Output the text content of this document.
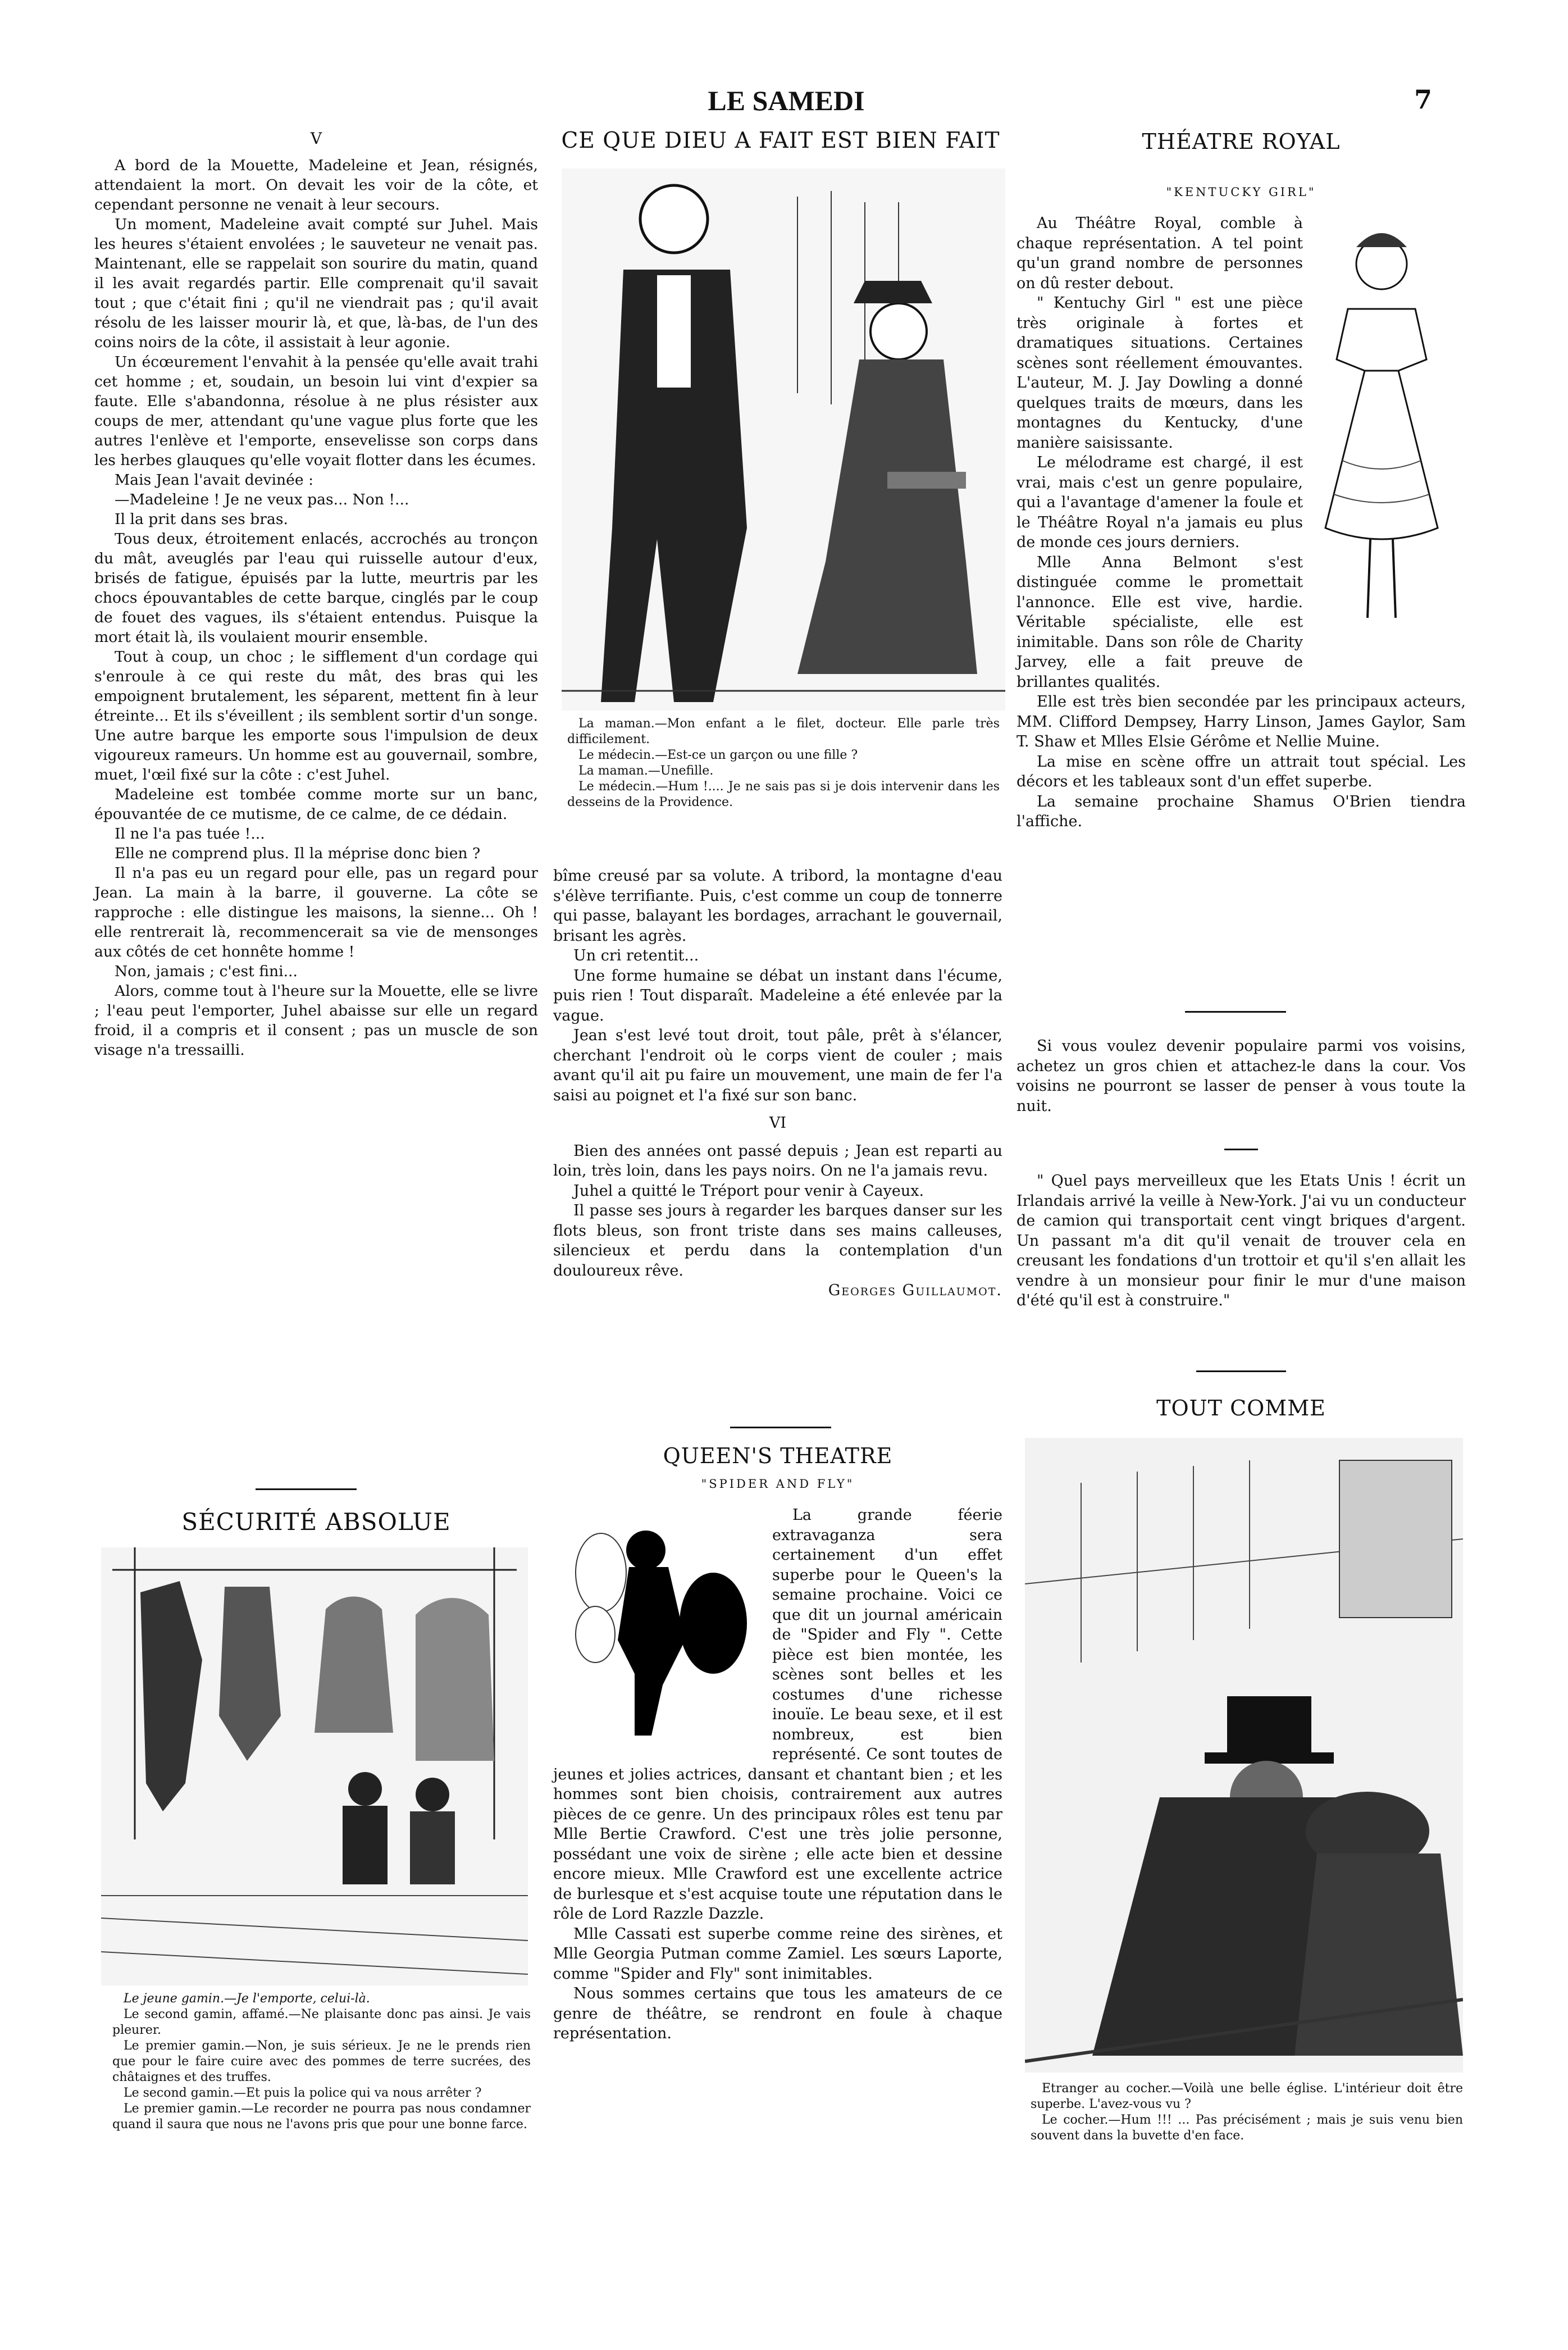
LE SAMEDI	7
V

A bord de la Mouette, Madeleine et Jean, résignés, attendaient la mort. On devait les voir de la côte, et cependant personne ne venait à leur secours.

Un moment, Madeleine avait compté sur Juhel. Mais les heures s'étaient envolées ; le sauveteur ne venait pas. Maintenant, elle se rappelait son sourire du matin, quand il les avait regardés partir. Elle comprenait qu'il savait tout ; que c'était fini ; qu'il ne viendrait pas ; qu'il avait résolu de les laisser mourir là, et que, là-bas, de l'un des coins noirs de la côte, il assistait à leur agonie.

Un écœurement l'envahit à la pensée qu'elle avait trahi cet homme ; et, soudain, un besoin lui vint d'expier sa faute. Elle s'abandonna, résolue à ne plus résister aux coups de mer, attendant qu'une vague plus forte que les autres l'enlève et l'emporte, ensevelisse son corps dans les herbes glauques qu'elle voyait flotter dans les écumes.

Mais Jean l'avait devinée :

—Madeleine ! Je ne veux pas... Non !...

Il la prit dans ses bras.

Tous deux, étroitement enlacés, accrochés au tronçon du mât, aveuglés par l'eau qui ruisselle autour d'eux, brisés de fatigue, épuisés par la lutte, meurtris par les chocs épouvantables de cette barque, cinglés par le coup de fouet des vagues, ils s'étaient entendus. Puisque la mort était là, ils voulaient mourir ensemble.

Tout à coup, un choc ; le sifflement d'un cordage qui s'enroule à ce qui reste du mât, des bras qui les empoignent brutalement, les séparent, mettent fin à leur étreinte... Et ils s'éveillent ; ils semblent sortir d'un songe. Une autre barque les emporte sous l'impulsion de deux vigoureux rameurs. Un homme est au gouvernail, sombre, muet, l'œil fixé sur la côte : c'est Juhel.

Madeleine est tombée comme morte sur un banc, épouvantée de ce mutisme, de ce calme, de ce dédain.

Il ne l'a pas tuée !...

Elle ne comprend plus. Il la méprise donc bien ?

Il n'a pas eu un regard pour elle, pas un regard pour Jean. La main à la barre, il gouverne. La côte se rapproche : elle distingue les maisons, la sienne... Oh ! elle rentrerait là, recommencerait sa vie de mensonges aux côtés de cet honnête homme !

Non, jamais ; c'est fini...

Alors, comme tout à l'heure sur la Mouette, elle se livre ; l'eau peut l'emporter, Juhel abaisse sur elle un regard froid, il a compris et il consent ; pas un muscle de son visage n'a tressailli.

SÉCURITÉ ABSOLUE

Le jeune gamin.—Je l'emporte, celui-là.

Le second gamin, affamé.—Ne plaisante donc pas ainsi. Je vais pleurer.

Le premier gamin.—Non, je suis sérieux. Je ne le prends rien que pour le faire cuire avec des pommes de terre sucrées, des châtaignes et des truffes.

Le second gamin.—Et puis la police qui va nous arrêter ?

Le premier gamin.—Le recorder ne pourra pas nous condamner quand il saura que nous ne l'avons pris que pour une bonne farce.

CE QUE DIEU A FAIT EST BIEN FAIT

La maman.—Mon enfant a le filet, docteur. Elle parle très difficilement.

Le médecin.—Est-ce un garçon ou une fille ?

La maman.—Unefille.

Le médecin.—Hum !.... Je ne sais pas si je dois intervenir dans les desseins de la Providence.

bîme creusé par sa volute. A tribord, la montagne d'eau s'élève terrifiante. Puis, c'est comme un coup de tonnerre qui passe, balayant les bordages, arrachant le gouvernail, brisant les agrès.

Un cri retentit...

Une forme humaine se débat un instant dans l'écume, puis rien ! Tout disparaît. Madeleine a été enlevée par la vague.

Jean s'est levé tout droit, tout pâle, prêt à s'élancer, cherchant l'endroit où le corps vient de couler ; mais avant qu'il ait pu faire un mouvement, une main de fer l'a saisi au poignet et l'a fixé sur son banc.

VI

Bien des années ont passé depuis ; Jean est reparti au loin, très loin, dans les pays noirs. On ne l'a jamais revu.

Juhel a quitté le Tréport pour venir à Cayeux.

Il passe ses jours à regarder les barques danser sur les flots bleus, son front triste dans ses mains calleuses, silencieux et perdu dans la contemplation d'un douloureux rêve.

Georges Guillaumot.

QUEEN'S THEATRE
"SPIDER AND FLY"

La grande féerie extravaganza sera certainement d'un effet superbe pour le Queen's la semaine prochaine. Voici ce que dit un journal américain de "Spider and Fly ". Cette pièce est bien montée, les scènes sont belles et les costumes d'une richesse inouïe. Le beau sexe, et il est nombreux, est bien représenté. Ce sont toutes de jeunes et jolies actrices, dansant et chantant bien ; et les hommes sont bien choisis, contrairement aux autres pièces de ce genre. Un des principaux rôles est tenu par Mlle Bertie Crawford. C'est une très jolie personne, possédant une voix de sirène ; elle acte bien et dessine encore mieux. Mlle Crawford est une excellente actrice de burlesque et s'est acquise toute une réputation dans le rôle de Lord Razzle Dazzle.

Mlle Cassati est superbe comme reine des sirènes, et Mlle Georgia Putman comme Zamiel. Les sœurs Laporte, comme "Spider and Fly" sont inimitables.

Nous sommes certains que tous les amateurs de ce genre de théâtre, se rendront en foule à chaque représentation.

THÉATRE ROYAL
"KENTUCKY GIRL"

Au Théâtre Royal, comble à chaque représentation. A tel point qu'un grand nombre de personnes on dû rester debout.

" Kentuchy Girl " est une pièce très originale à fortes et dramatiques situations. Certaines scènes sont réellement émouvantes. L'auteur, M. J. Jay Dowling a donné quelques traits de mœurs, dans les montagnes du Kentucky, d'une manière saisissante.

Le mélodrame est chargé, il est vrai, mais c'est un genre populaire, qui a l'avantage d'amener la foule et le Théâtre Royal n'a jamais eu plus de monde ces jours derniers.

Mlle Anna Belmont s'est distinguée comme le promettait l'annonce. Elle est vive, hardie. Véritable spécialiste, elle est inimitable. Dans son rôle de Charity Jarvey, elle a fait preuve de brillantes qualités.

Elle est très bien secondée par les principaux acteurs, MM. Clifford Dempsey, Harry Linson, James Gaylor, Sam T. Shaw et Mlles Elsie Gérôme et Nellie Muine.

La mise en scène offre un attrait tout spécial. Les décors et les tableaux sont d'un effet superbe.

La semaine prochaine Shamus O'Brien tiendra l'affiche.

Si vous voulez devenir populaire parmi vos voisins, achetez un gros chien et attachez-le dans la cour. Vos voisins ne pourront se lasser de penser à vous toute la nuit.

" Quel pays merveilleux que les Etats Unis ! écrit un Irlandais arrivé la veille à New-York. J'ai vu un conducteur de camion qui transportait cent vingt briques d'argent. Un passant m'a dit qu'il venait de trouver cela en creusant les fondations d'un trottoir et qu'il s'en allait les vendre à un monsieur pour finir le mur d'une maison d'été qu'il est à construire."

TOUT COMME

Etranger au cocher.—Voilà une belle église. L'intérieur doit être superbe. L'avez-vous vu ?

Le cocher.—Hum !!! ... Pas précisément ; mais je suis venu bien souvent dans la buvette d'en face.
